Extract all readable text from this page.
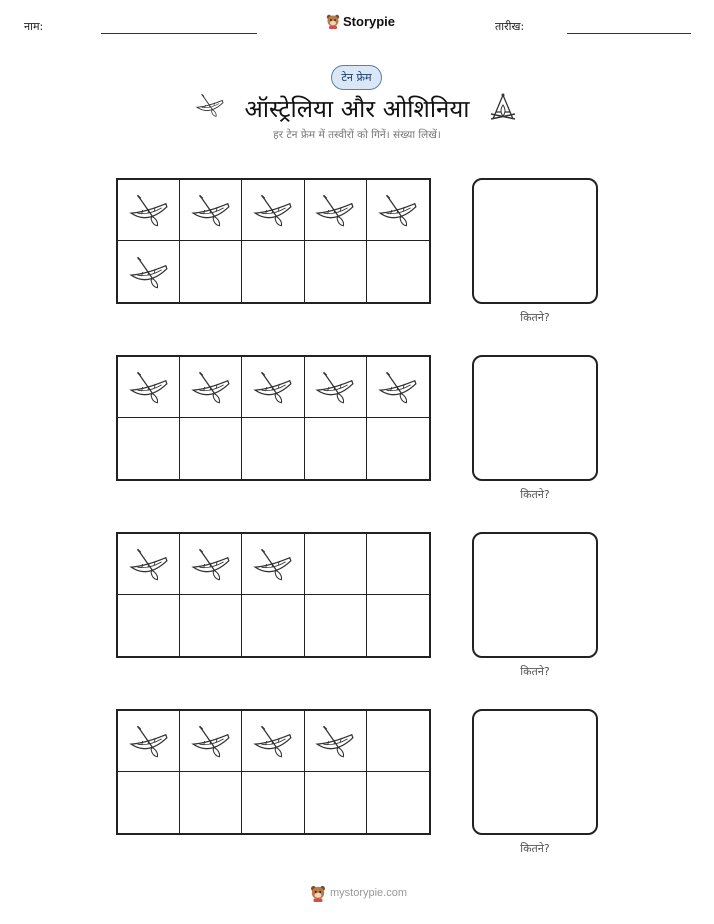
नाम:	Storypie	तारीख:
टेन फ्रेम
ऑस्ट्रेलिया और ओशिनिया
हर टेन फ्रेम में तस्वीरों को गिनें। संख्या लिखें।
कितने?
कितने?
कितने?
कितने?
mystorypie.com
